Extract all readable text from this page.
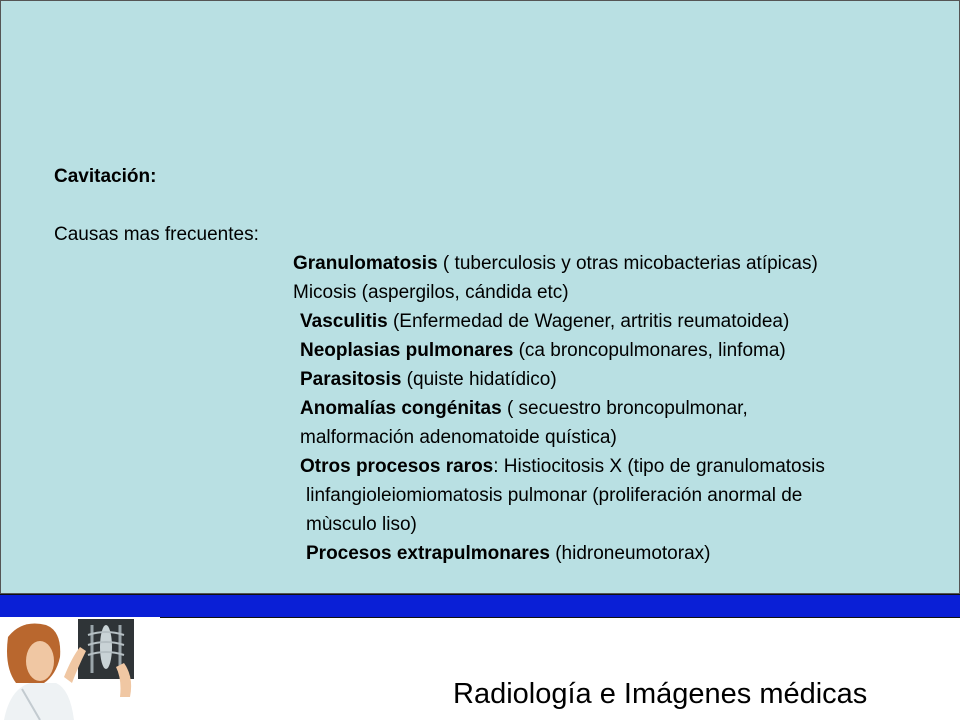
Cavitación:
Causas mas frecuentes:
Granulomatosis ( tuberculosis y otras micobacterias atípicas)
Micosis (aspergilos, cándida etc)
Vasculitis (Enfermedad de Wagener, artritis reumatoidea)
Neoplasias pulmonares (ca broncopulmonares, linfoma)
Parasitosis (quiste hidatídico)
Anomalías congénitas ( secuestro broncopulmonar,
malformación adenomatoide quística)
Otros procesos raros: Histiocitosis X (tipo de granulomatosis
linfangioleiomiomatosis pulmonar (proliferación anormal de
mùsculo liso)
Procesos extrapulmonares (hidroneumotorax)
Radiología e Imágenes médicas
